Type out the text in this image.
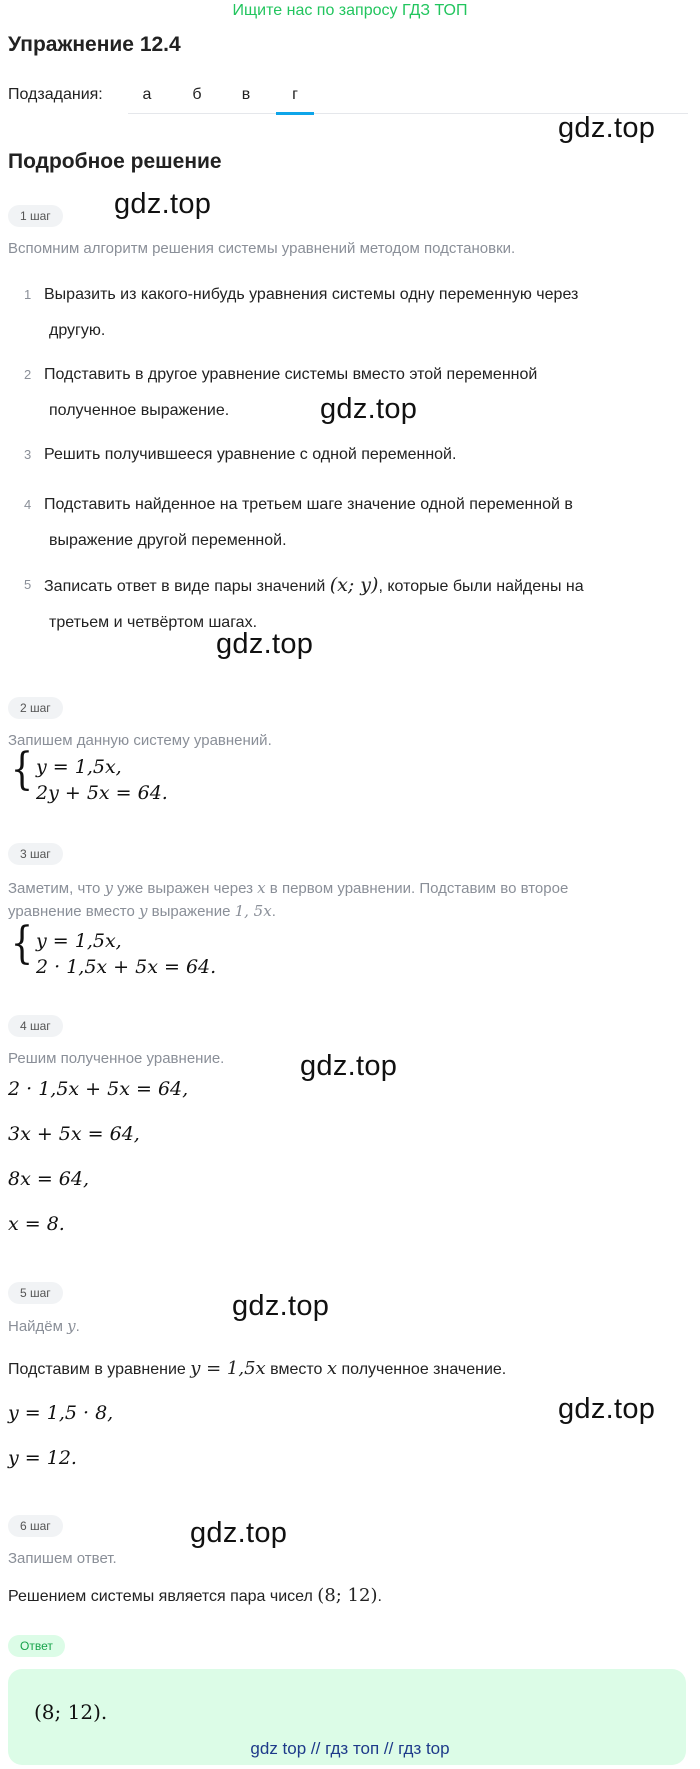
Ищите нас по запросу ГДЗ ТОП
Упражнение 12.4
Подзадания:	а	б	в	г
gdz.top
gdz.top
gdz.top
gdz.top
gdz.top
gdz.top
gdz.top
gdz.top
Подробное решение
1 шаг
Вспомним алгоритм решения системы уравнений методом подстановки.
1 Выразить из какого-нибудь уравнения системы одну переменную через
другую.
2 Подставить в другое уравнение системы вместо этой переменной
полученное выражение.
3 Решить получившееся уравнение с одной переменной.
4 Подставить найденное на третьем шаге значение одной переменной в
выражение другой переменной.
5 Записать ответ в виде пары значений (x; y), которые были найдены на
третьем и четвёртом шагах.
2 шаг
Запишем данную систему уравнений.
{ y = 1,5x,
2y + 5x = 64.
3 шаг
Заметим, что y уже выражен через x в первом уравнении. Подставим во второе
уравнение вместо y выражение 1, 5x.
{ y = 1,5x,
2 · 1,5x + 5x = 64.
4 шаг
Решим полученное уравнение.
2 · 1,5x + 5x = 64,
3x + 5x = 64,
8x = 64,
x = 8.
5 шаг
Найдём y.
Подставим в уравнение y = 1,5x вместо x полученное значение.
y = 1,5 · 8,
y = 12.
6 шаг
Запишем ответ.
Решением системы является пара чисел (8; 12).
Ответ
(8; 12).
gdz top // гдз топ // гдз top
